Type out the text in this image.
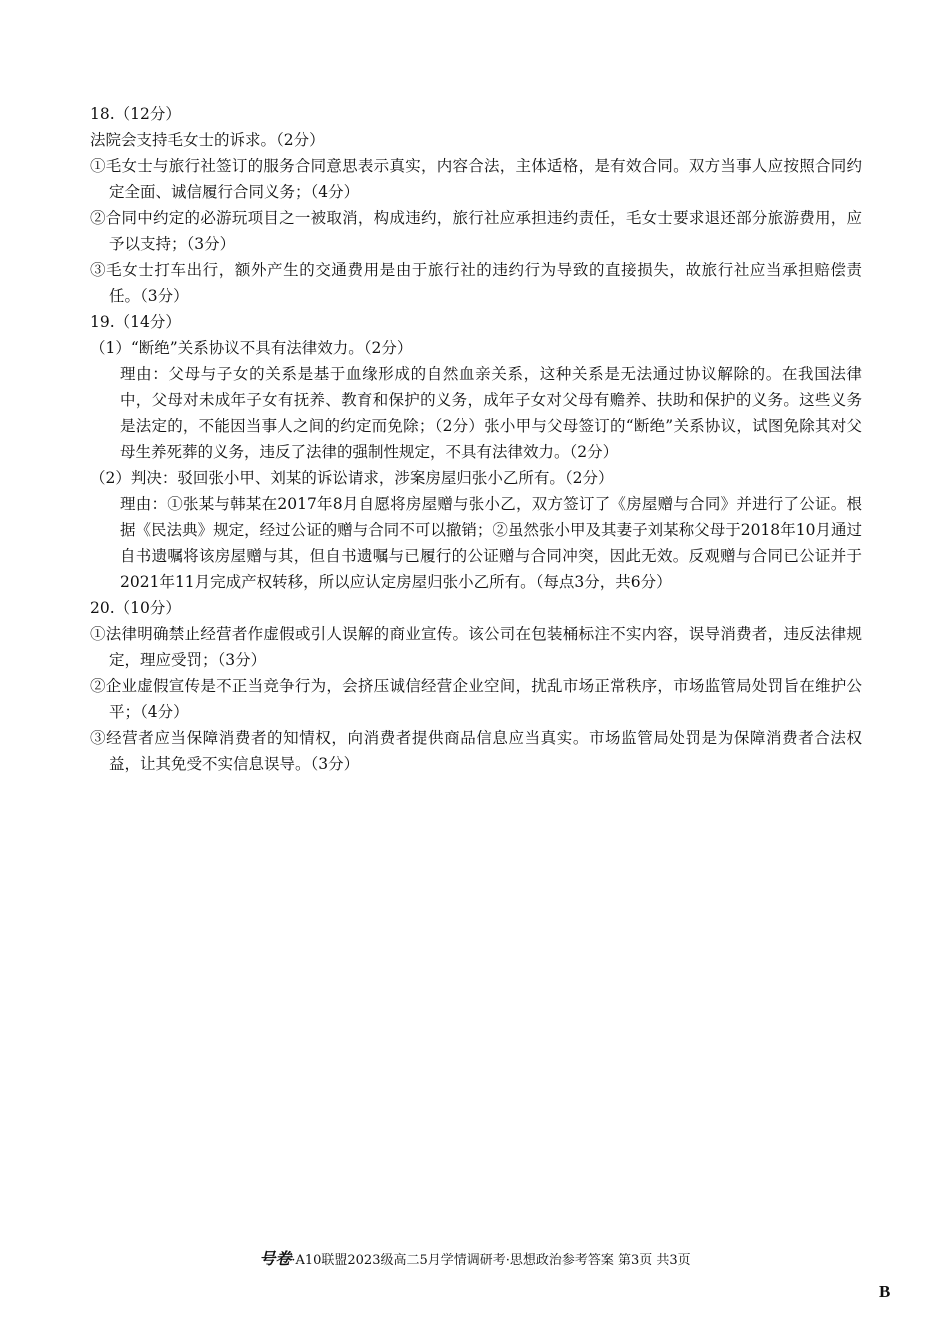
18.（12分）
法院会支持毛女士的诉求。（2分）
①毛女士与旅行社签订的服务合同意思表示真实，内容合法，主体适格，是有效合同。双方当事人应按照合同约定全面、诚信履行合同义务；（4分）
②合同中约定的必游玩项目之一被取消，构成违约，旅行社应承担违约责任，毛女士要求退还部分旅游费用，应予以支持；（3分）
③毛女士打车出行，额外产生的交通费用是由于旅行社的违约行为导致的直接损失，故旅行社应当承担赔偿责任。（3分）
19.（14分）
（1）“断绝”关系协议不具有法律效力。（2分）
理由：父母与子女的关系是基于血缘形成的自然血亲关系，这种关系是无法通过协议解除的。在我国法律中，父母对未成年子女有抚养、教育和保护的义务，成年子女对父母有赡养、扶助和保护的义务。这些义务是法定的，不能因当事人之间的约定而免除；（2分）张小甲与父母签订的“断绝”关系协议，试图免除其对父母生养死葬的义务，违反了法律的强制性规定，不具有法律效力。（2分）
（2）判决：驳回张小甲、刘某的诉讼请求，涉案房屋归张小乙所有。（2分）
理由：①张某与韩某在2017年8月自愿将房屋赠与张小乙，双方签订了《房屋赠与合同》并进行了公证。根据《民法典》规定，经过公证的赠与合同不可以撤销；②虽然张小甲及其妻子刘某称父母于2018年10月通过自书遗嘱将该房屋赠与其，但自书遗嘱与已履行的公证赠与合同冲突，因此无效。反观赠与合同已公证并于2021年11月完成产权转移，所以应认定房屋归张小乙所有。（每点3分，共6分）
20.（10分）
①法律明确禁止经营者作虚假或引人误解的商业宣传。该公司在包装桶标注不实内容，误导消费者，违反法律规定，理应受罚；（3分）
②企业虚假宣传是不正当竞争行为，会挤压诚信经营企业空间，扰乱市场正常秩序，市场监管局处罚旨在维护公平；（4分）
③经营者应当保障消费者的知情权，向消费者提供商品信息应当真实。市场监管局处罚是为保障消费者合法权益，让其免受不实信息误导。（3分）
号卷·A10联盟2023级高二5月学情调研考·思想政治参考答案 第3页 共3页
B
